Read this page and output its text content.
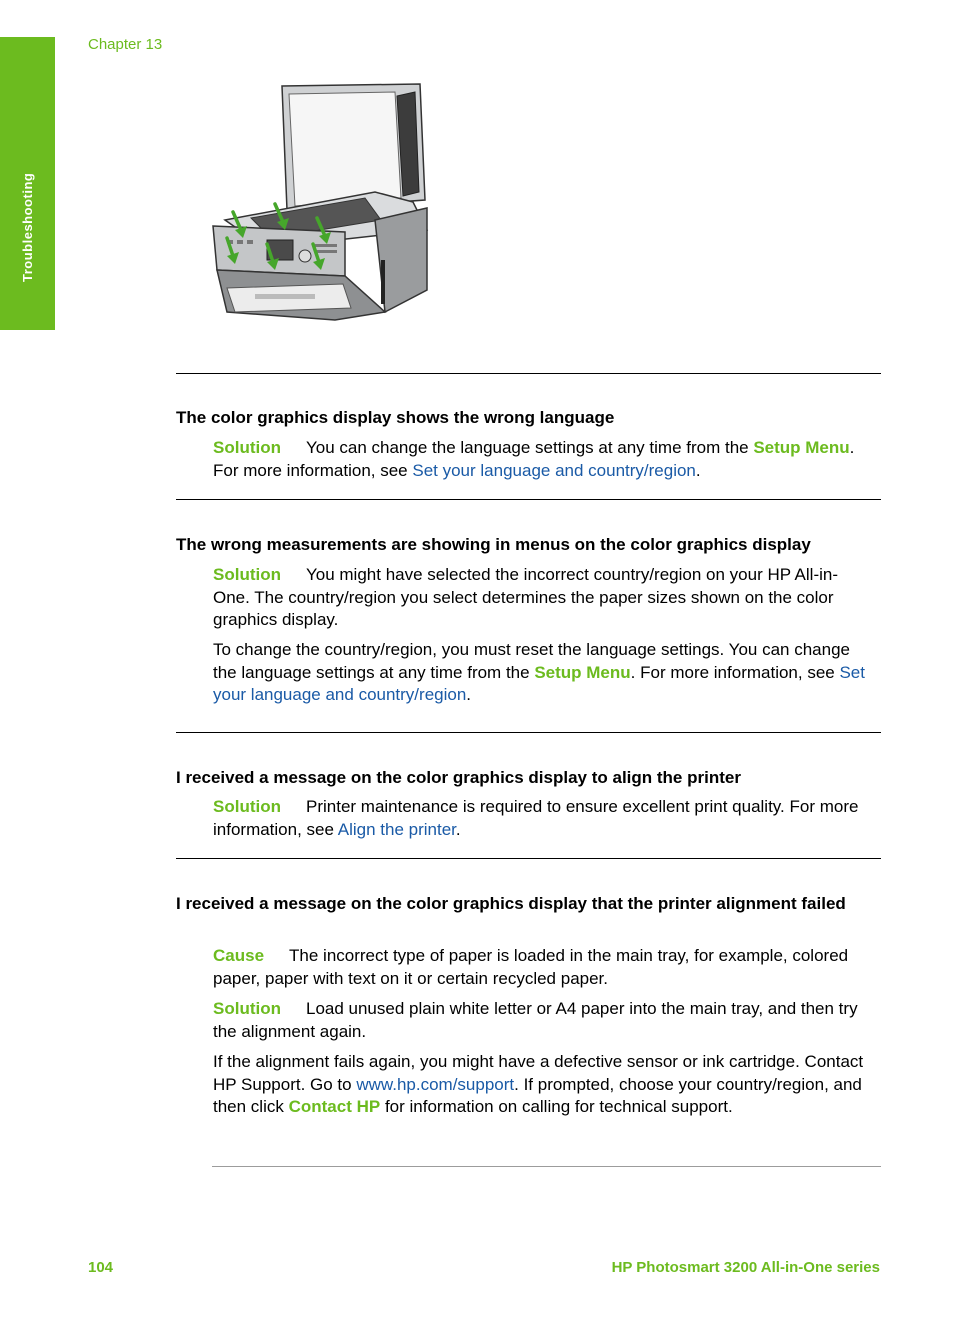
Troubleshooting
Chapter 13
The color graphics display shows the wrong language
Solution You can change the language settings at any time from the Setup Menu. For more information, see Set your language and country/region.
The wrong measurements are showing in menus on the color graphics display
Solution You might have selected the incorrect country/region on your HP All-in-One. The country/region you select determines the paper sizes shown on the color graphics display.
To change the country/region, you must reset the language settings. You can change the language settings at any time from the Setup Menu. For more information, see Set your language and country/region.
I received a message on the color graphics display to align the printer
Solution Printer maintenance is required to ensure excellent print quality. For more information, see Align the printer.
I received a message on the color graphics display that the printer alignment failed
Cause The incorrect type of paper is loaded in the main tray, for example, colored paper, paper with text on it or certain recycled paper.
Solution Load unused plain white letter or A4 paper into the main tray, and then try the alignment again.
If the alignment fails again, you might have a defective sensor or ink cartridge. Contact HP Support. Go to www.hp.com/support. If prompted, choose your country/region, and then click Contact HP for information on calling for technical support.
104	HP Photosmart 3200 All-in-One series
